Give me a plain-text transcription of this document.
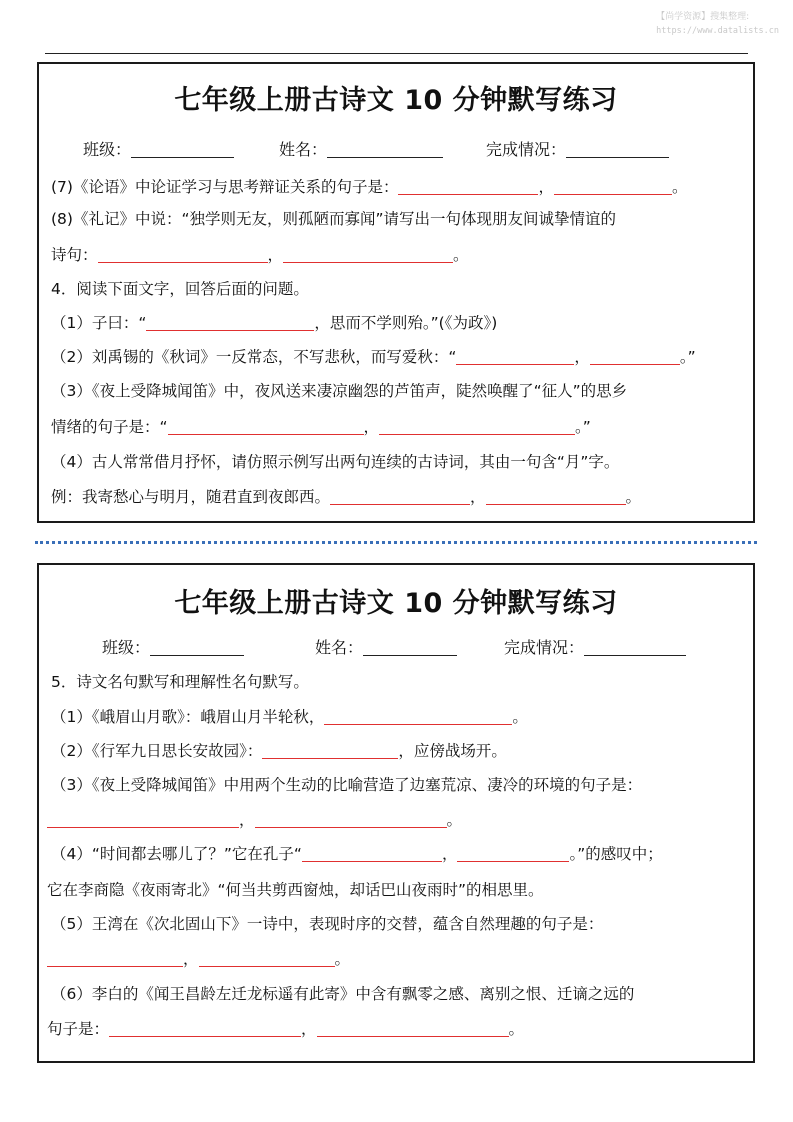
【尚学资源】搜集整理:
https://www.datalists.cn
七年级上册古诗文 10 分钟默写练习
班级：	姓名：	完成情况：
(7)《论语》中论证学习与思考辩证关系的句子是：	，	。
(8)《礼记》中说：“独学则无友，则孤陋而寡闻”请写出一句体现朋友间诚挚情谊的
诗句：	，	。
4．阅读下面文字，回答后面的问题。
（1）子曰：“	，思而不学则殆。”(《为政》)
（2）刘禹锡的《秋词》一反常态，不写悲秋，而写爱秋：“	，	。”
（3）《夜上受降城闻笛》中，夜风送来凄凉幽怨的芦笛声，陡然唤醒了“征人”的思乡
情绪的句子是：“	，	。”
（4）古人常常借月抒怀，请仿照示例写出两句连续的古诗词，其由一句含“月”字。
例：我寄愁心与明月，随君直到夜郎西。	，	。
七年级上册古诗文 10 分钟默写练习
班级：	姓名：	完成情况：
5．诗文名句默写和理解性名句默写。
（1）《峨眉山月歌》：峨眉山月半轮秋，	。
（2）《行军九日思长安故园》：	，应傍战场开。
（3）《夜上受降城闻笛》中用两个生动的比喻营造了边塞荒凉、凄冷的环境的句子是：
，	。
（4）“时间都去哪儿了？”它在孔子“	，	。”的感叹中；
它在李商隐《夜雨寄北》“何当共剪西窗烛，却话巴山夜雨时”的相思里。
（5）王湾在《次北固山下》一诗中，表现时序的交替，蕴含自然理趣的句子是：
，	。
（6）李白的《闻王昌龄左迁龙标遥有此寄》中含有飘零之感、离别之恨、迁谪之远的
句子是：	，	。
